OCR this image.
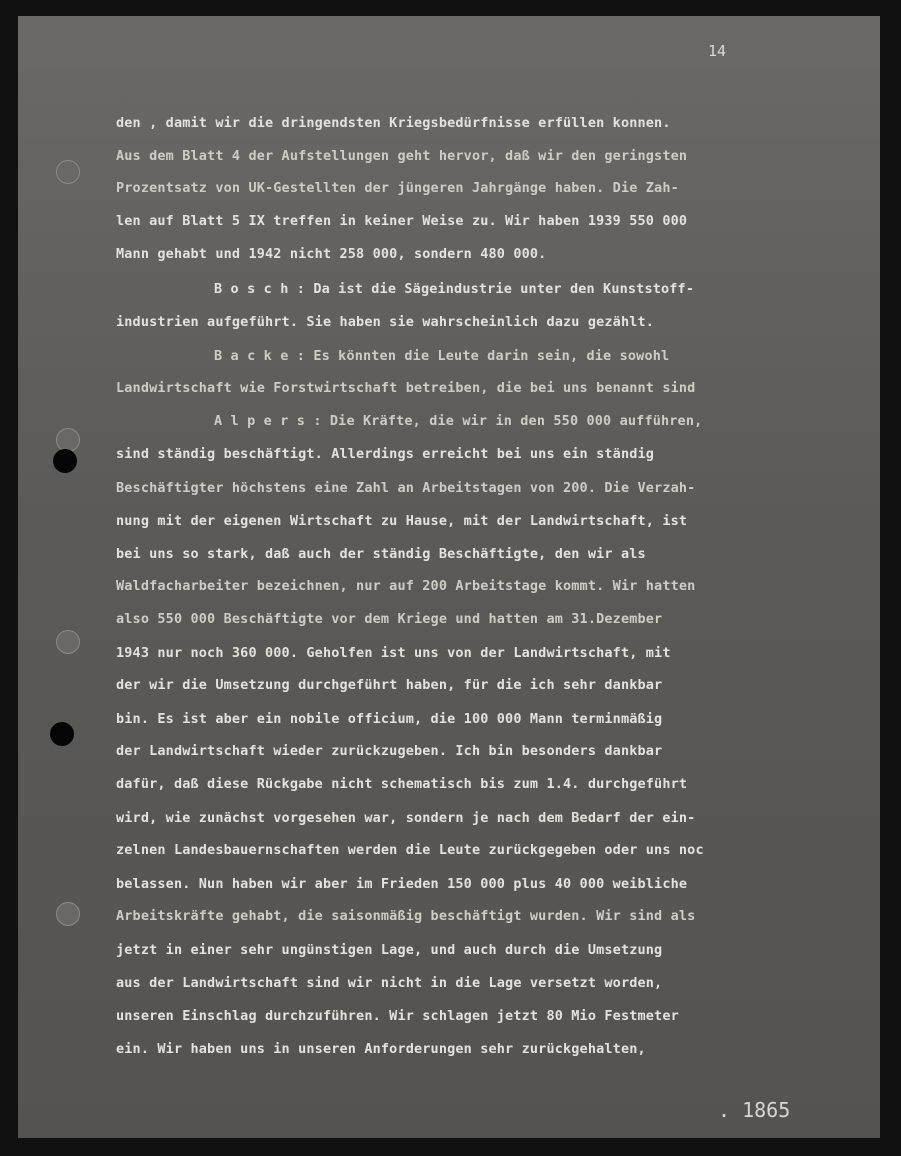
14
den , damit wir die dringendsten Kriegsbedürfnisse erfüllen konnen.
Aus dem Blatt 4 der Aufstellungen geht hervor, daß wir den geringsten
Prozentsatz von UK-Gestellten der jüngeren Jahrgänge haben. Die Zah-
len auf Blatt 5 IX treffen in keiner Weise zu. Wir haben 1939 550 000
Mann gehabt und 1942 nicht 258 000, sondern 480 000.
B o s c h : Da ist die Sägeindustrie unter den Kunststoff-
industrien aufgeführt. Sie haben sie wahrscheinlich dazu gezählt.
B a c k e : Es könnten die Leute darin sein, die sowohl
Landwirtschaft wie Forstwirtschaft betreiben, die bei uns benannt sind
A l p e r s : Die Kräfte, die wir in den 550 000 aufführen,
sind ständig beschäftigt. Allerdings erreicht bei uns ein ständig
Beschäftigter höchstens eine Zahl an Arbeitstagen von 200. Die Verzah-
nung mit der eigenen Wirtschaft zu Hause, mit der Landwirtschaft, ist
bei uns so stark, daß auch der ständig Beschäftigte, den wir als
Waldfacharbeiter bezeichnen, nur auf 200 Arbeitstage kommt. Wir hatten
also 550 000 Beschäftigte vor dem Kriege und hatten am 31.Dezember
1943 nur noch 360 000. Geholfen ist uns von der Landwirtschaft, mit
der wir die Umsetzung durchgeführt haben, für die ich sehr dankbar
bin. Es ist aber ein nobile officium, die 100 000 Mann terminmäßig
der Landwirtschaft wieder zurückzugeben. Ich bin besonders dankbar
dafür, daß diese Rückgabe nicht schematisch bis zum 1.4. durchgeführt
wird, wie zunächst vorgesehen war, sondern je nach dem Bedarf der ein-
zelnen Landesbauernschaften werden die Leute zurückgegeben oder uns noc
belassen. Nun haben wir aber im Frieden 150 000 plus 40 000 weibliche
Arbeitskräfte gehabt, die saisonmäßig beschäftigt wurden. Wir sind als
jetzt in einer sehr ungünstigen Lage, und auch durch die Umsetzung
aus der Landwirtschaft sind wir nicht in die Lage versetzt worden,
unseren Einschlag durchzuführen. Wir schlagen jetzt 80 Mio Festmeter
ein. Wir haben uns in unseren Anforderungen sehr zurückgehalten,
. 1865
